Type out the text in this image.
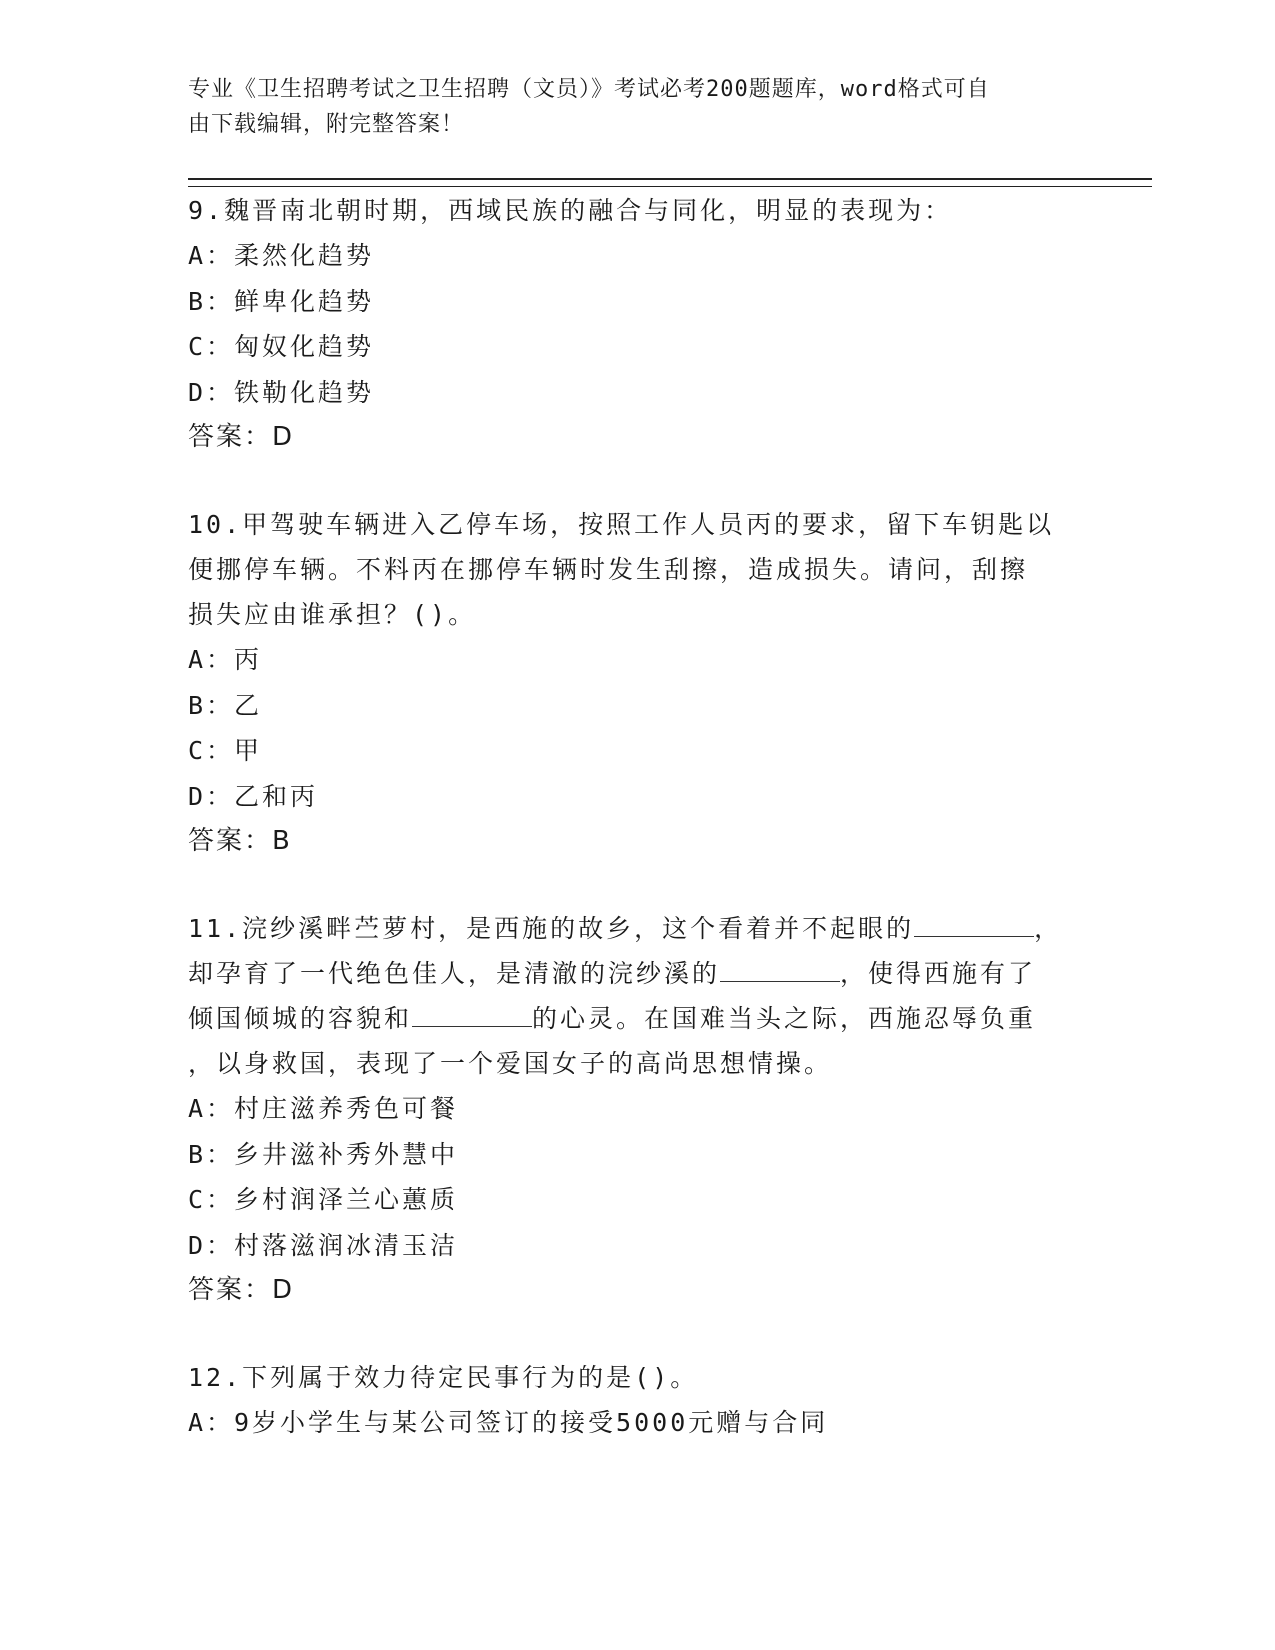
专业《卫生招聘考试之卫生招聘（文员）》考试必考200题题库，word格式可自
由下载编辑，附完整答案！
9.魏晋南北朝时期，西域民族的融合与同化，明显的表现为：
A：柔然化趋势
B：鲜卑化趋势
C：匈奴化趋势
D：铁勒化趋势
答案：D
10.甲驾驶车辆进入乙停车场，按照工作人员丙的要求，留下车钥匙以
便挪停车辆。不料丙在挪停车辆时发生刮擦，造成损失。请问，刮擦
损失应由谁承担？()。
A：丙
B：乙
C：甲
D：乙和丙
答案：B
11.浣纱溪畔苎萝村，是西施的故乡，这个看着并不起眼的	，
却孕育了一代绝色佳人，是清澈的浣纱溪的	，使得西施有了
倾国倾城的容貌和	的心灵。在国难当头之际，西施忍辱负重
，以身救国，表现了一个爱国女子的高尚思想情操。
A：村庄滋养秀色可餐
B：乡井滋补秀外慧中
C：乡村润泽兰心蕙质
D：村落滋润冰清玉洁
答案：D
12.下列属于效力待定民事行为的是()。
A：9岁小学生与某公司签订的接受5000元赠与合同
